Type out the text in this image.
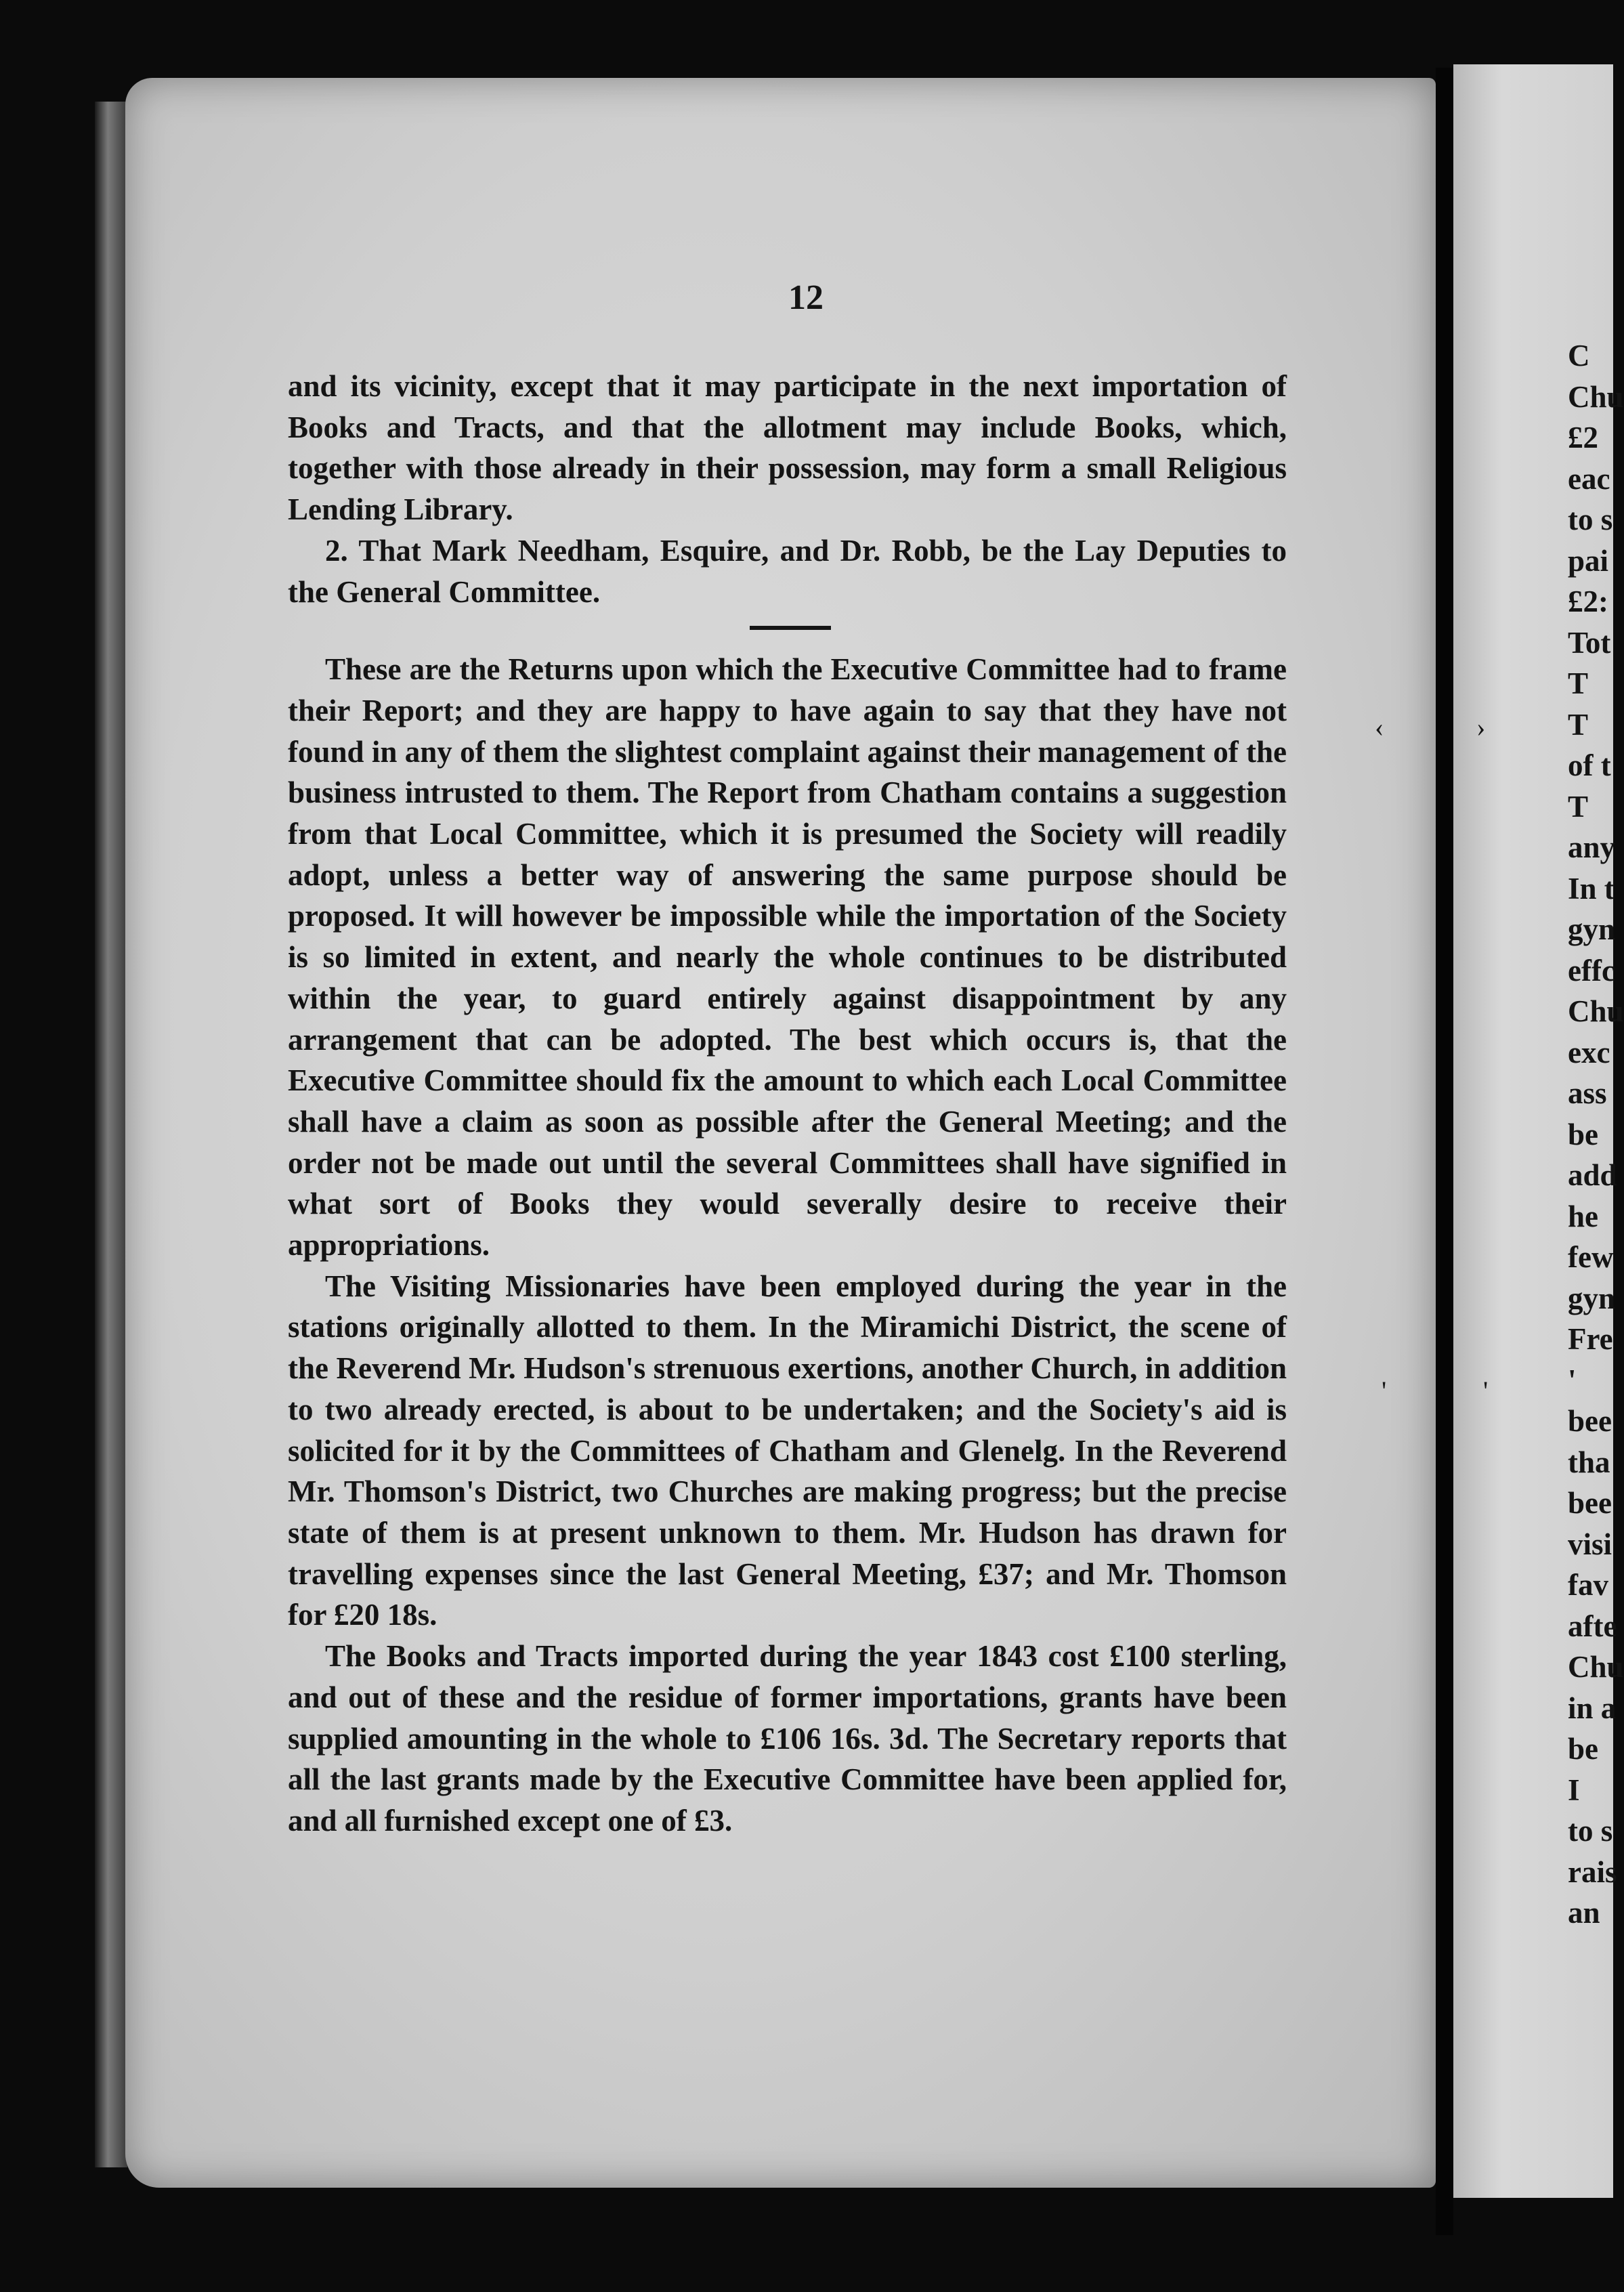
12

and its vicinity, except that it may participate in the next importation of Books and Tracts, and that the allotment may include Books, which, together with those already in their possession, may form a small Religious Lending Library.

2. That Mark Needham, Esquire, and Dr. Robb, be the Lay Deputies to the General Committee.

These are the Returns upon which the Executive Committee had to frame their Report; and they are happy to have again to say that they have not found in any of them the slightest complaint against their management of the business intrusted to them. The Report from Chatham contains a suggestion from that Local Committee, which it is presumed the Society will readily adopt, unless a better way of answering the same purpose should be proposed. It will however be impossible while the importation of the Society is so limited in extent, and nearly the whole continues to be distributed within the year, to guard entirely against disappointment by any arrangement that can be adopted. The best which occurs is, that the Executive Committee should fix the amount to which each Local Committee shall have a claim as soon as possible after the General Meeting; and the order not be made out until the several Committees shall have signified in what sort of Books they would severally desire to receive their appropriations.

The Visiting Missionaries have been employed during the year in the stations originally allotted to them. In the Miramichi District, the scene of the Reverend Mr. Hudson's strenuous exertions, another Church, in addition to two already erected, is about to be undertaken; and the Society's aid is solicited for it by the Committees of Chatham and Glenelg. In the Reverend Mr. Thomson's District, two Churches are making progress; but the precise state of them is at present unknown to them. Mr. Hudson has drawn for travelling expenses since the last General Meeting, £37; and Mr. Thomson for £20 18s.

The Books and Tracts imported during the year 1843 cost £100 sterling, and out of these and the residue of former importations, grants have been supplied amounting in the whole to £106 16s. 3d. The Secretary reports that all the last grants made by the Executive Committee have been applied for, and all furnished except one of £3.

C
Chu
£2
eac
to s
pai
£2:
Tot
T
T
of t
T
any
In t
gyn
effc
Chu
exc
ass
be
add
he
few
gyn
Fre
'
bee
tha
bee
visi
fav
afte
Chu
in a
be
I
to s
rais
an
‹	›
'	'
